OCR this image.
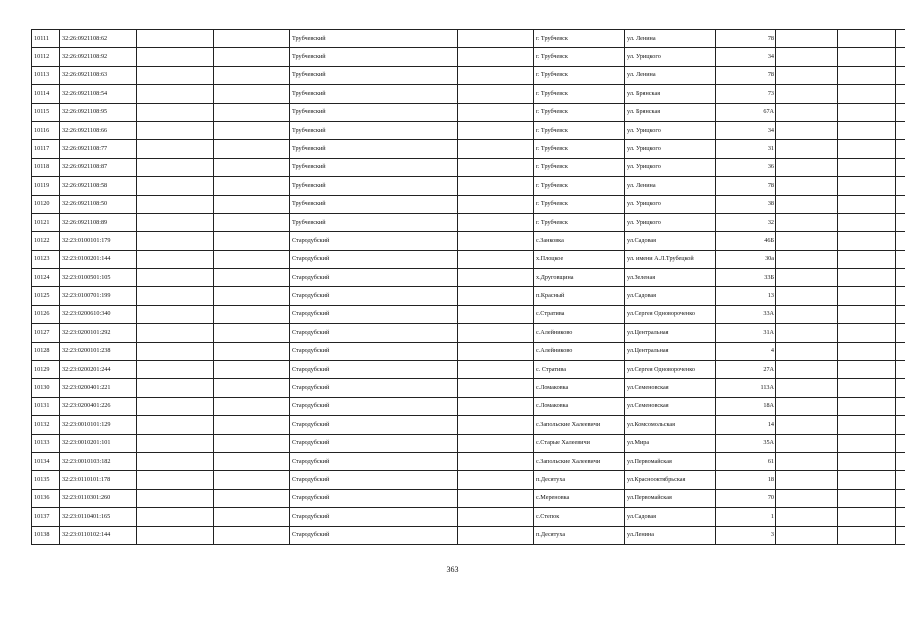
10111	32:26:0921108:62			Трубчевский		г. Трубчевск	ул. Ленина	78			
10112	32:26:0921108:92			Трубчевский		г. Трубчевск	ул. Урицкого	34			
10113	32:26:0921108:63			Трубчевский		г. Трубчевск	ул. Ленина	78			
10114	32:26:0921108:54			Трубчевский		г. Трубчевск	ул. Брянская	73			
10115	32:26:0921108:95			Трубчевский		г. Трубчевск	ул. Брянская	67А			
10116	32:26:0921108:66			Трубчевский		г. Трубчевск	ул. Урицкого	34			
10117	32:26:0921108:77			Трубчевский		г. Трубчевск	ул. Урицкого	31			
10118	32:26:0921108:87			Трубчевский		г. Трубчевск	ул. Урицкого	36			
10119	32:26:0921108:58			Трубчевский		г. Трубчевск	ул. Ленина	78			
10120	32:26:0921108:50			Трубчевский		г. Трубчевск	ул. Урицкого	38			
10121	32:26:0921108:89			Трубчевский		г. Трубчевск	ул. Урицкого	32			
10122	32:23:0100101:179			Стародубский		с.Занковка	ул.Садовая	46Б			
10123	32:23:0100201:144			Стародубский		х.Плоцкое	ул. имени А.Л.Трубецкой	30а			
10124	32:23:0100501:105			Стародубский		х.Друговщина	ул.Зеленая	33Б			
10125	32:23:0100701:199			Стародубский		п.Красный	ул.Садовая	13			
10126	32:23:0200610:340			Стародубский		с.Стратива	ул.Сергея Одновороченко	33А			
10127	32:23:0200101:292			Стародубский		с.Алейниково	ул.Центральная	31А			
10128	32:23:0200101:238			Стародубский		с.Алейниково	ул.Центральная	4			
10129	32:23:0200201:244			Стародубский		с. Стратива	ул.Сергея Одновороченко	27А			
10130	32:23:0200401:221			Стародубский		с.Ломаковка	ул.Семеновская	113А			
10131	32:23:0200401:226			Стародубский		с.Ломаковка	ул.Семеновская	18А			
10132	32:23:0010101:129			Стародубский		с.Запольские Халеевичи	ул.Комсомольская	14			
10133	32:23:0010201:101			Стародубский		с.Старые Халеевичи	ул.Мира	35А			
10134	32:23:0010103:182			Стародубский		с.Запольские Халеевичи	ул.Первомайская	61			
10135	32:23:0110101:178			Стародубский		п.Десятуха	ул.Краснооктябрьская	18			
10136	32:23:0110301:260			Стародубский		с.Мереновка	ул.Первомайская	70			
10137	32:23:0110401:165			Стародубский		с.Степок	ул.Садовая	1			
10138	32:23:0110102:144			Стародубский		п.Десятуха	ул.Ленина	3			
363
